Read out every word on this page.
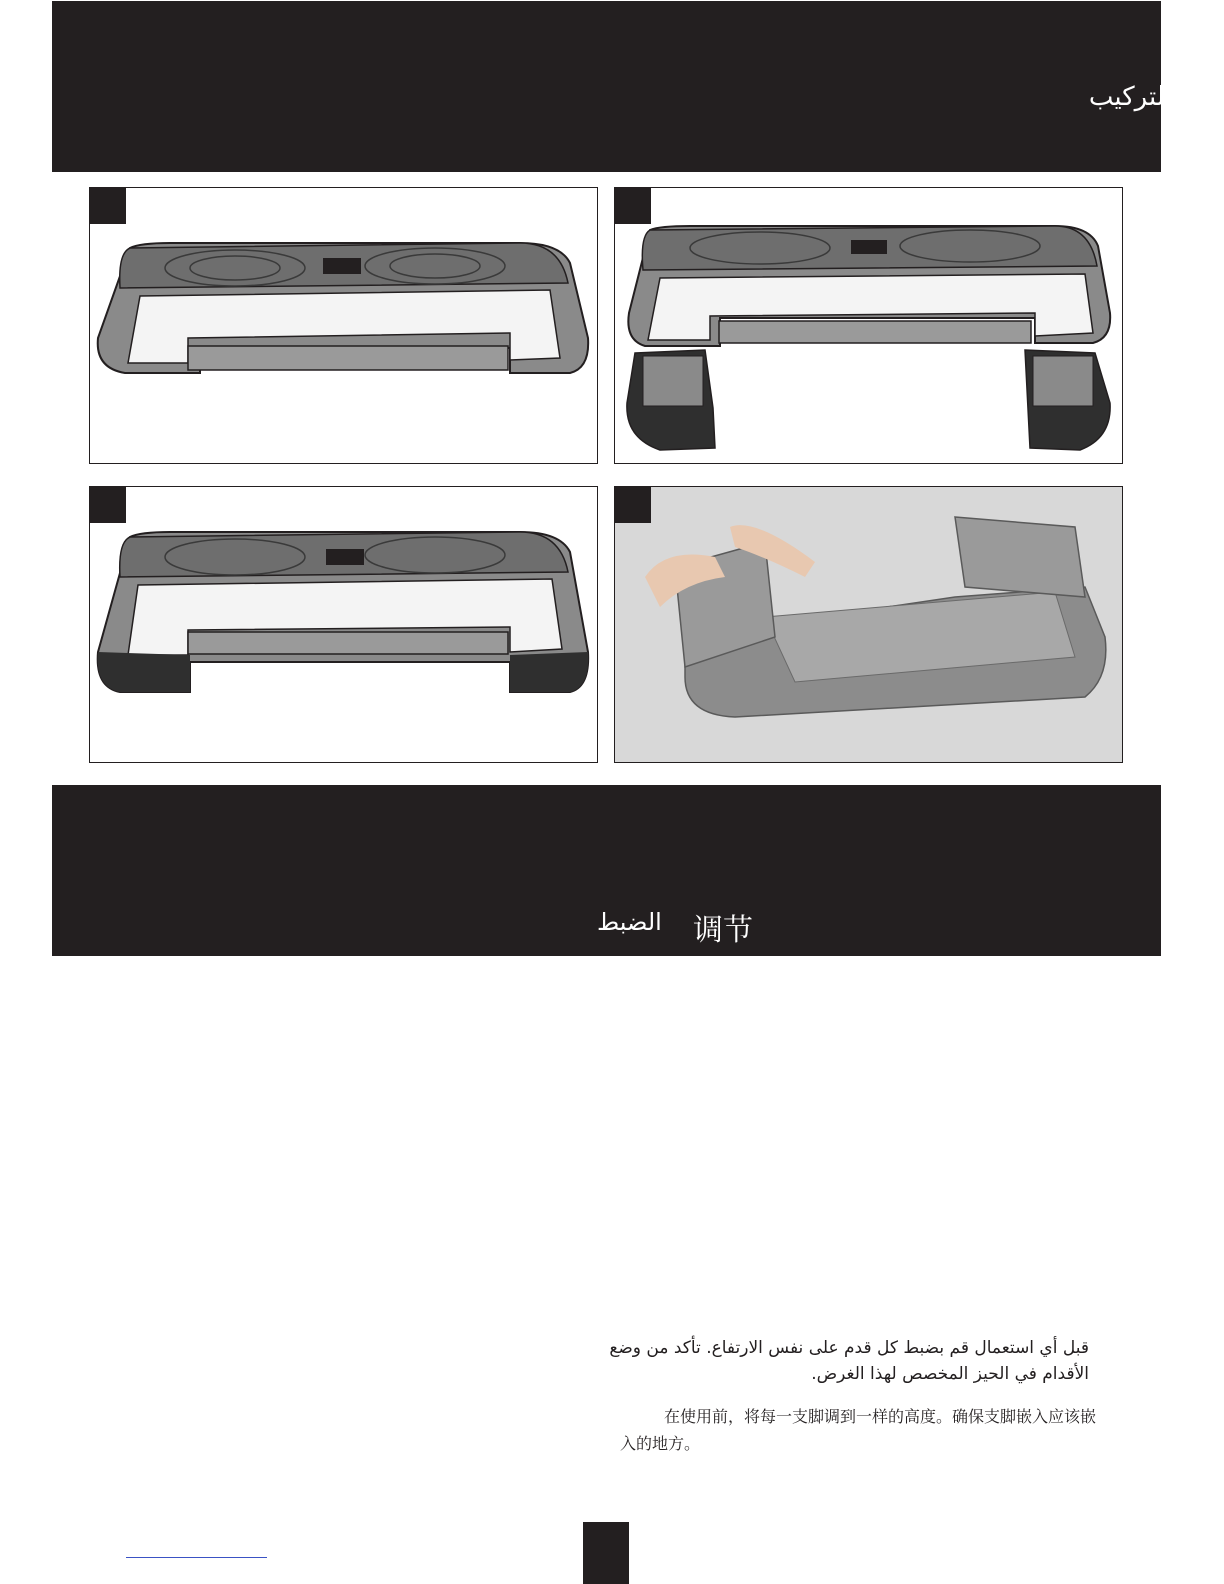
التركيب
الضبط 调节
قبل أي استعمال قم بضبط كل قدم على نفس الارتفاع. تأكد من وضع الأقدام في الحيز المخصص لهذا الغرض.
在使用前，将每一支脚调到一样的高度。确保支脚嵌入应该嵌入的地方。
